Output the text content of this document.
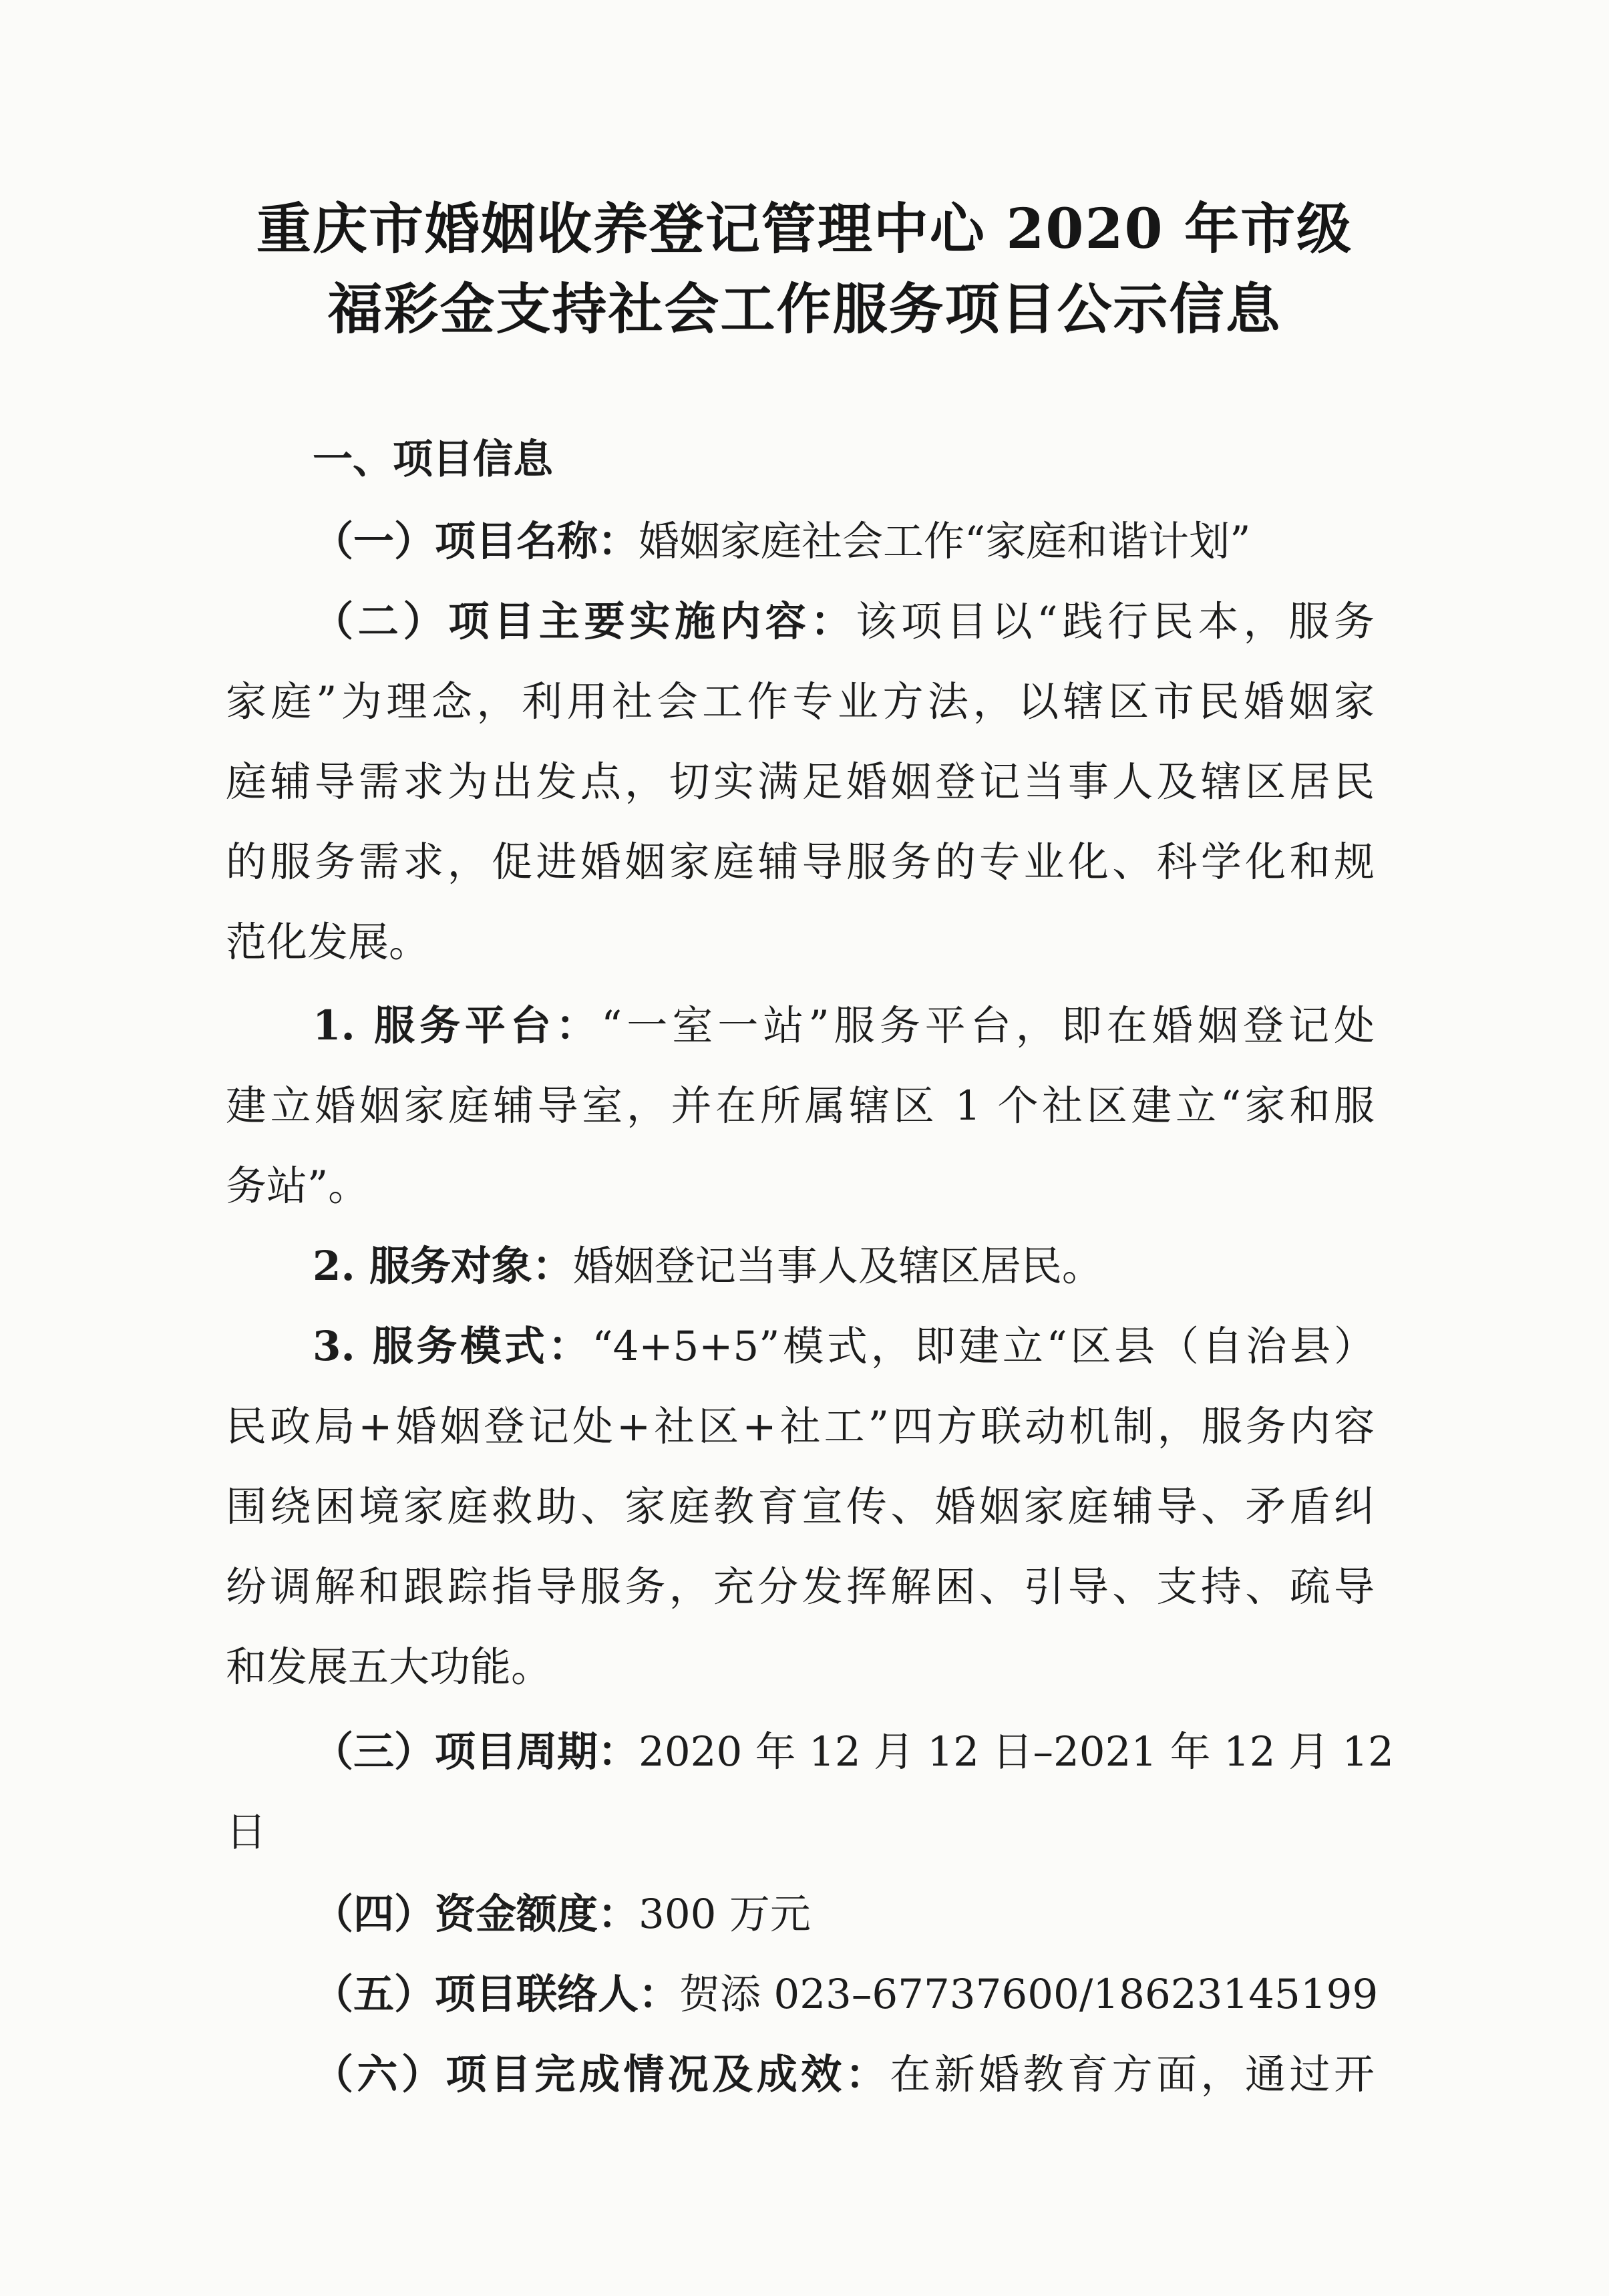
重庆市婚姻收养登记管理中心 2020 年市级
福彩金支持社会工作服务项目公示信息
一、项目信息
（一）项目名称：婚姻家庭社会工作“家庭和谐计划”
（二）项目主要实施内容：该项目以“践行民本，服务
家庭”为理念，利用社会工作专业方法，以辖区市民婚姻家
庭辅导需求为出发点，切实满足婚姻登记当事人及辖区居民
的服务需求，促进婚姻家庭辅导服务的专业化、科学化和规
范化发展。
1. 服务平台：“一室一站”服务平台，即在婚姻登记处
建立婚姻家庭辅导室，并在所属辖区 1 个社区建立“家和服
务站”。
2. 服务对象：婚姻登记当事人及辖区居民。
3. 服务模式：“4+5+5”模式，即建立“区县（自治县）
民政局+婚姻登记处+社区+社工”四方联动机制，服务内容
围绕困境家庭救助、家庭教育宣传、婚姻家庭辅导、矛盾纠
纷调解和跟踪指导服务，充分发挥解困、引导、支持、疏导
和发展五大功能。
（三）项目周期：2020 年 12 月 12 日–2021 年 12 月 12
日
（四）资金额度：300 万元
（五）项目联络人：贺添 023–67737600/18623145199
（六）项目完成情况及成效：在新婚教育方面，通过开
